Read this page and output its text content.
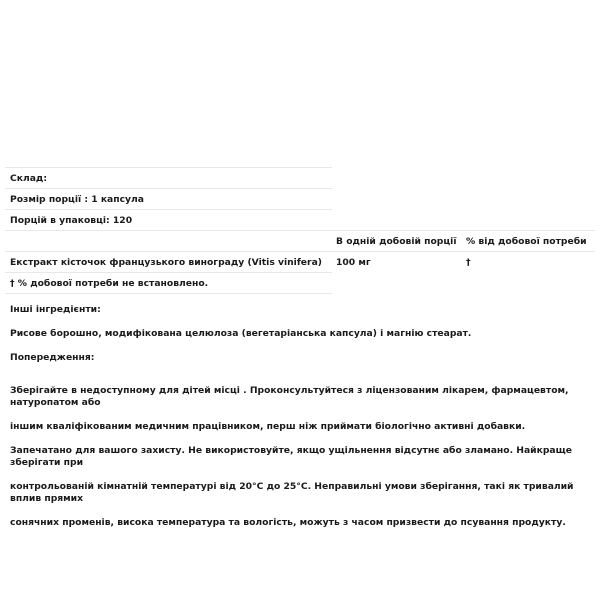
Склад:
Розмір порції : 1 капсула
Порцій в упаковці: 120
В одній добовій порції % від добової потреби
Екстракт кісточок французького винограду (Vitis vinifera) 100 мг	†
† % добової потреби не встановлено.
Інші інгредієнти:
Рисове борошно, модифікована целюлоза (вегетаріанська капсула) і магнію стеарат.
Попередження:

Зберігайте в недоступному для дітей місці . Проконсультуйтеся з ліцензованим лікарем, фармацевтом, натуропатом або

іншим кваліфікованим медичним працівником, перш ніж приймати біологічно активні добавки.

Запечатано для вашого захисту. Не використовуйте, якщо ущільнення відсутнє або зламано. Найкраще зберігати при

контрольованій кімнатній температурі від 20°C до 25°C. Неправильні умови зберігання, такі як тривалий вплив прямих

сонячних променів, висока температура та вологість, можуть з часом призвести до псування продукту.
